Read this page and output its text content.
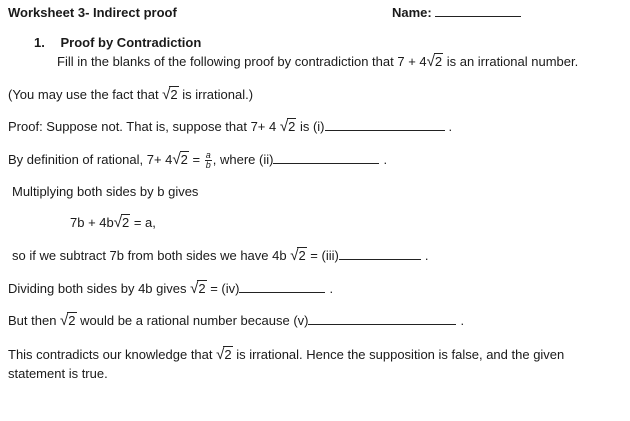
Worksheet 3- Indirect proof	Name:
1. Proof by Contradiction
Fill in the blanks of the following proof by contradiction that 7 + 4√2 is an irrational number.
(You may use the fact that √2 is irrational.)
Proof: Suppose not. That is, suppose that 7+ 4 √2 is (i)	.
By definition of rational, $7+ 4√2 = \frac{a}{b}$ , where (ii)	.
Multiplying both sides by b gives
7b + 4b√2 = a,
so if we subtract 7b from both sides we have 4b √2 = (iii)	.
Dividing both sides by 4b gives √2 = (iv)	.
But then √2 would be a rational number because (v)	.
This contradicts our knowledge that √2 is irrational. Hence the supposition is false, and the given statement is true.
